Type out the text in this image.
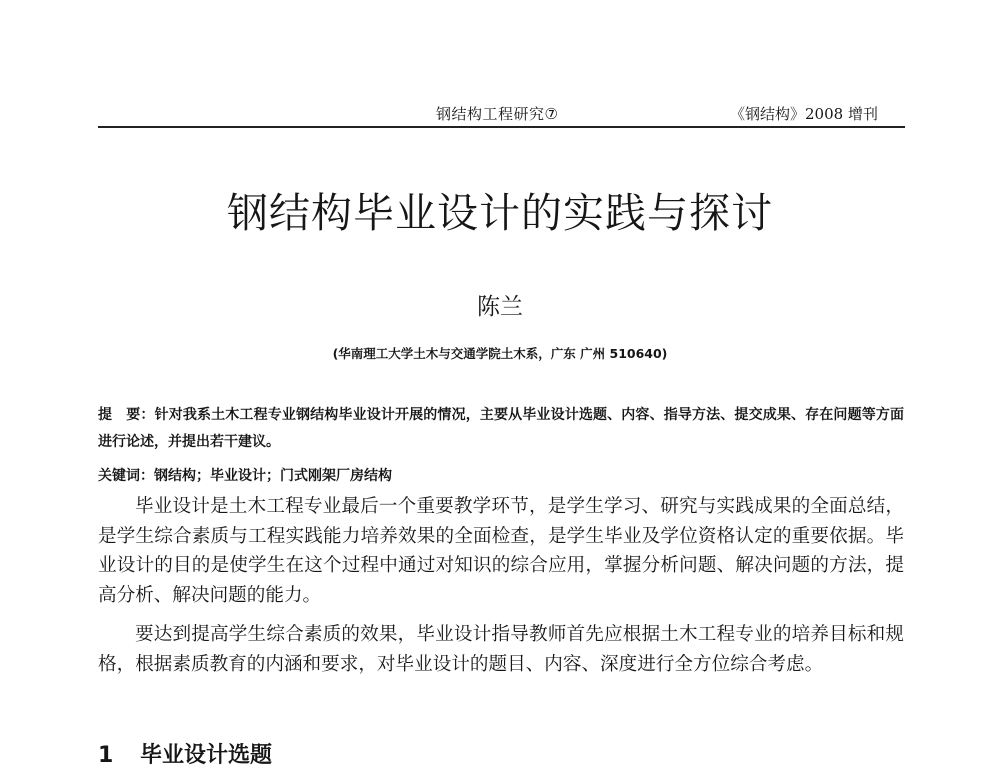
钢结构工程研究⑦	《钢结构》2008 增刊
钢结构毕业设计的实践与探讨
陈兰
(华南理工大学土木与交通学院土木系，广东 广州 510640)
提　要：针对我系土木工程专业钢结构毕业设计开展的情况，主要从毕业设计选题、内容、指导方法、提交成果、存在问题等方面进行论述，并提出若干建议。
关键词：钢结构；毕业设计；门式刚架厂房结构

毕业设计是土木工程专业最后一个重要教学环节，是学生学习、研究与实践成果的全面总结，是学生综合素质与工程实践能力培养效果的全面检查，是学生毕业及学位资格认定的重要依据。毕业设计的目的是使学生在这个过程中通过对知识的综合应用，掌握分析问题、解决问题的方法，提高分析、解决问题的能力。

要达到提高学生综合素质的效果，毕业设计指导教师首先应根据土木工程专业的培养目标和规格，根据素质教育的内涵和要求，对毕业设计的题目、内容、深度进行全方位综合考虑。

1 毕业设计选题
